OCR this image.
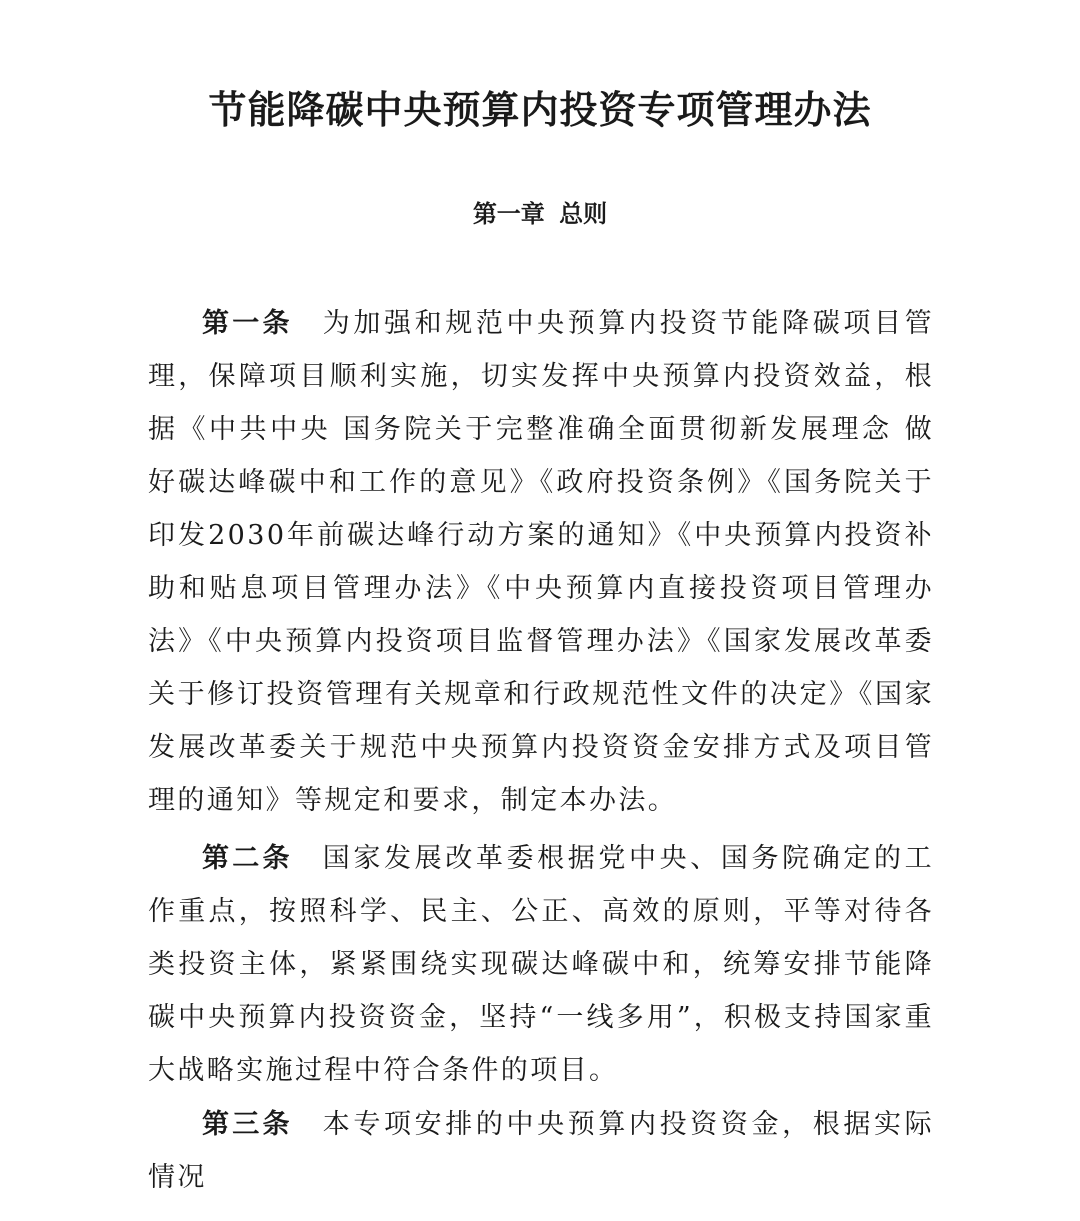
节能降碳中央预算内投资专项管理办法
第一章 总则

第一条 为加强和规范中央预算内投资节能降碳项目管理，保障项目顺利实施，切实发挥中央预算内投资效益，根据《中共中央 国务院关于完整准确全面贯彻新发展理念 做好碳达峰碳中和工作的意见》《政府投资条例》《国务院关于印发2030年前碳达峰行动方案的通知》《中央预算内投资补助和贴息项目管理办法》《中央预算内直接投资项目管理办法》《中央预算内投资项目监督管理办法》《国家发展改革委关于修订投资管理有关规章和行政规范性文件的决定》《国家发展改革委关于规范中央预算内投资资金安排方式及项目管理的通知》等规定和要求，制定本办法。

第二条 国家发展改革委根据党中央、国务院确定的工作重点，按照科学、民主、公正、高效的原则，平等对待各类投资主体，紧紧围绕实现碳达峰碳中和，统筹安排节能降碳中央预算内投资资金，坚持“一线多用”，积极支持国家重大战略实施过程中符合条件的项目。

第三条 本专项安排的中央预算内投资资金，根据实际情况
